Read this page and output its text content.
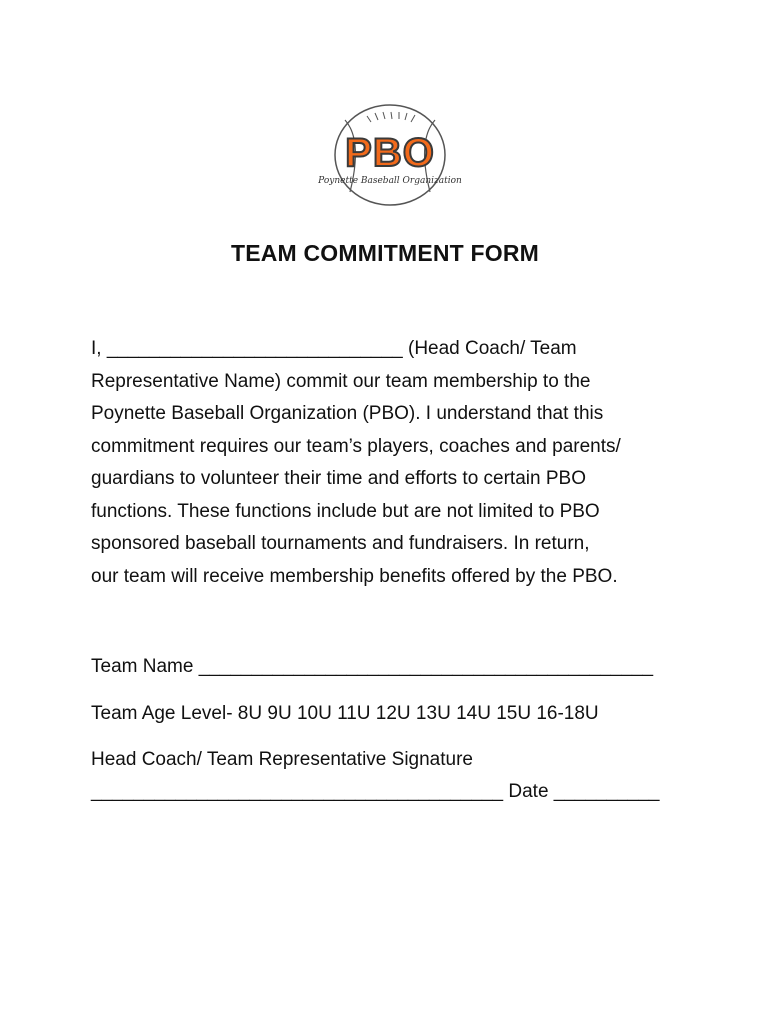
PBO
Poynette Baseball Organization
TEAM COMMITMENT FORM
I, ____________________________ (Head Coach/ Team
Representative Name) commit our team membership to the
Poynette Baseball Organization (PBO). I understand that this
commitment requires our team’s players, coaches and parents/
guardians to volunteer their time and efforts to certain PBO
functions. These functions include but are not limited to PBO
sponsored baseball tournaments and fundraisers. In return,
our team will receive membership benefits offered by the PBO.
Team Name ___________________________________________
Team Age Level- 8U 9U 10U 11U 12U 13U 14U 15U 16-18U
Head Coach/ Team Representative Signature
_______________________________________ Date __________
